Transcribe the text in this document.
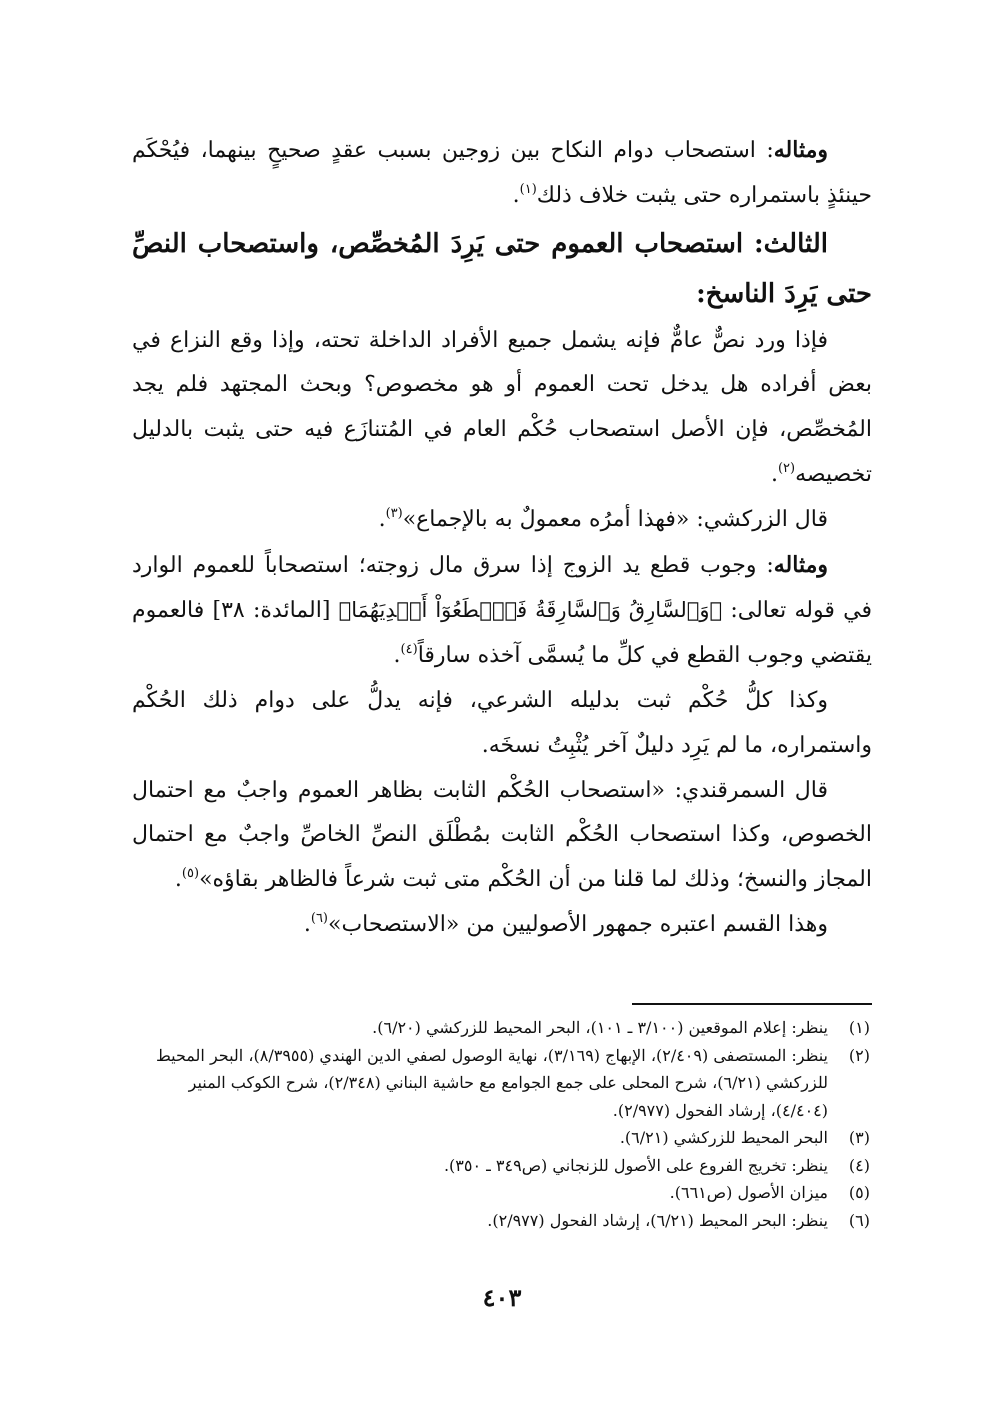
ومثاله: استصحاب دوام النكاح بين زوجين بسبب عقدٍ صحيحٍ بينهما، فيُحْكَم حينئذٍ باستمراره حتى يثبت خلاف ذلك$^{(١)}$.

الثالث: استصحاب العموم حتى يَرِدَ المُخصِّص، واستصحاب النصِّ حتى يَرِدَ الناسخ:

فإذا ورد نصٌّ عامٌّ فإنه يشمل جميع الأفراد الداخلة تحته، وإذا وقع النزاع في بعض أفراده هل يدخل تحت العموم أو هو مخصوص؟ وبحث المجتهد فلم يجد المُخصِّص، فإن الأصل استصحاب حُكْم العام في المُتنازَع فيه حتى يثبت بالدليل تخصيصه$^{(٢)}$.

قال الزركشي: «فهذا أمرُه معمولٌ به بالإجماع»$^{(٣)}$.

ومثاله: وجوب قطع يد الزوج إذا سرق مال زوجته؛ استصحاباً للعموم الوارد في قوله تعالى: ﴿وَٱلسَّارِقُ وَٱلسَّارِقَةُ فَٱقۡطَعُوٓاْ أَيۡدِيَهُمَا﴾ [المائدة: ٣٨] فالعموم يقتضي وجوب القطع في كلِّ ما يُسمَّى آخذه سارقاً$^{(٤)}$.

وكذا كلُّ حُكْم ثبت بدليله الشرعي، فإنه يدلُّ على دوام ذلك الحُكْم واستمراره، ما لم يَرِد دليلٌ آخر يُثْبِتُ نسخَه.

قال السمرقندي: «استصحاب الحُكْم الثابت بظاهر العموم واجبٌ مع احتمال الخصوص، وكذا استصحاب الحُكْم الثابت بمُطْلَق النصِّ الخاصِّ واجبٌ مع احتمال المجاز والنسخ؛ وذلك لما قلنا من أن الحُكْم متى ثبت شرعاً فالظاهر بقاؤه»$^{(٥)}$.

وهذا القسم اعتبره جمهور الأصوليين من «الاستصحاب»$^{(٦)}$.

(١)
ينظر: إعلام الموقعين (٣/١٠٠ ـ ١٠١)، البحر المحيط للزركشي (٦/٢٠).
(٢)
ينظر: المستصفى (٢/٤٠٩)، الإبهاج (٣/١٦٩)، نهاية الوصول لصفي الدين الهندي (٨/٣٩٥٥)، البحر المحيط للزركشي (٦/٢١)، شرح المحلى على جمع الجوامع مع حاشية البناني (٢/٣٤٨)، شرح الكوكب المنير (٤/٤٠٤)، إرشاد الفحول (٢/٩٧٧).
(٣)
البحر المحيط للزركشي (٦/٢١).
(٤)
ينظر: تخريج الفروع على الأصول للزنجاني (ص٣٤٩ ـ ٣٥٠).
(٥)
ميزان الأصول (ص٦٦١).
(٦)
ينظر: البحر المحيط (٦/٢١)، إرشاد الفحول (٢/٩٧٧).
٤٠٣
